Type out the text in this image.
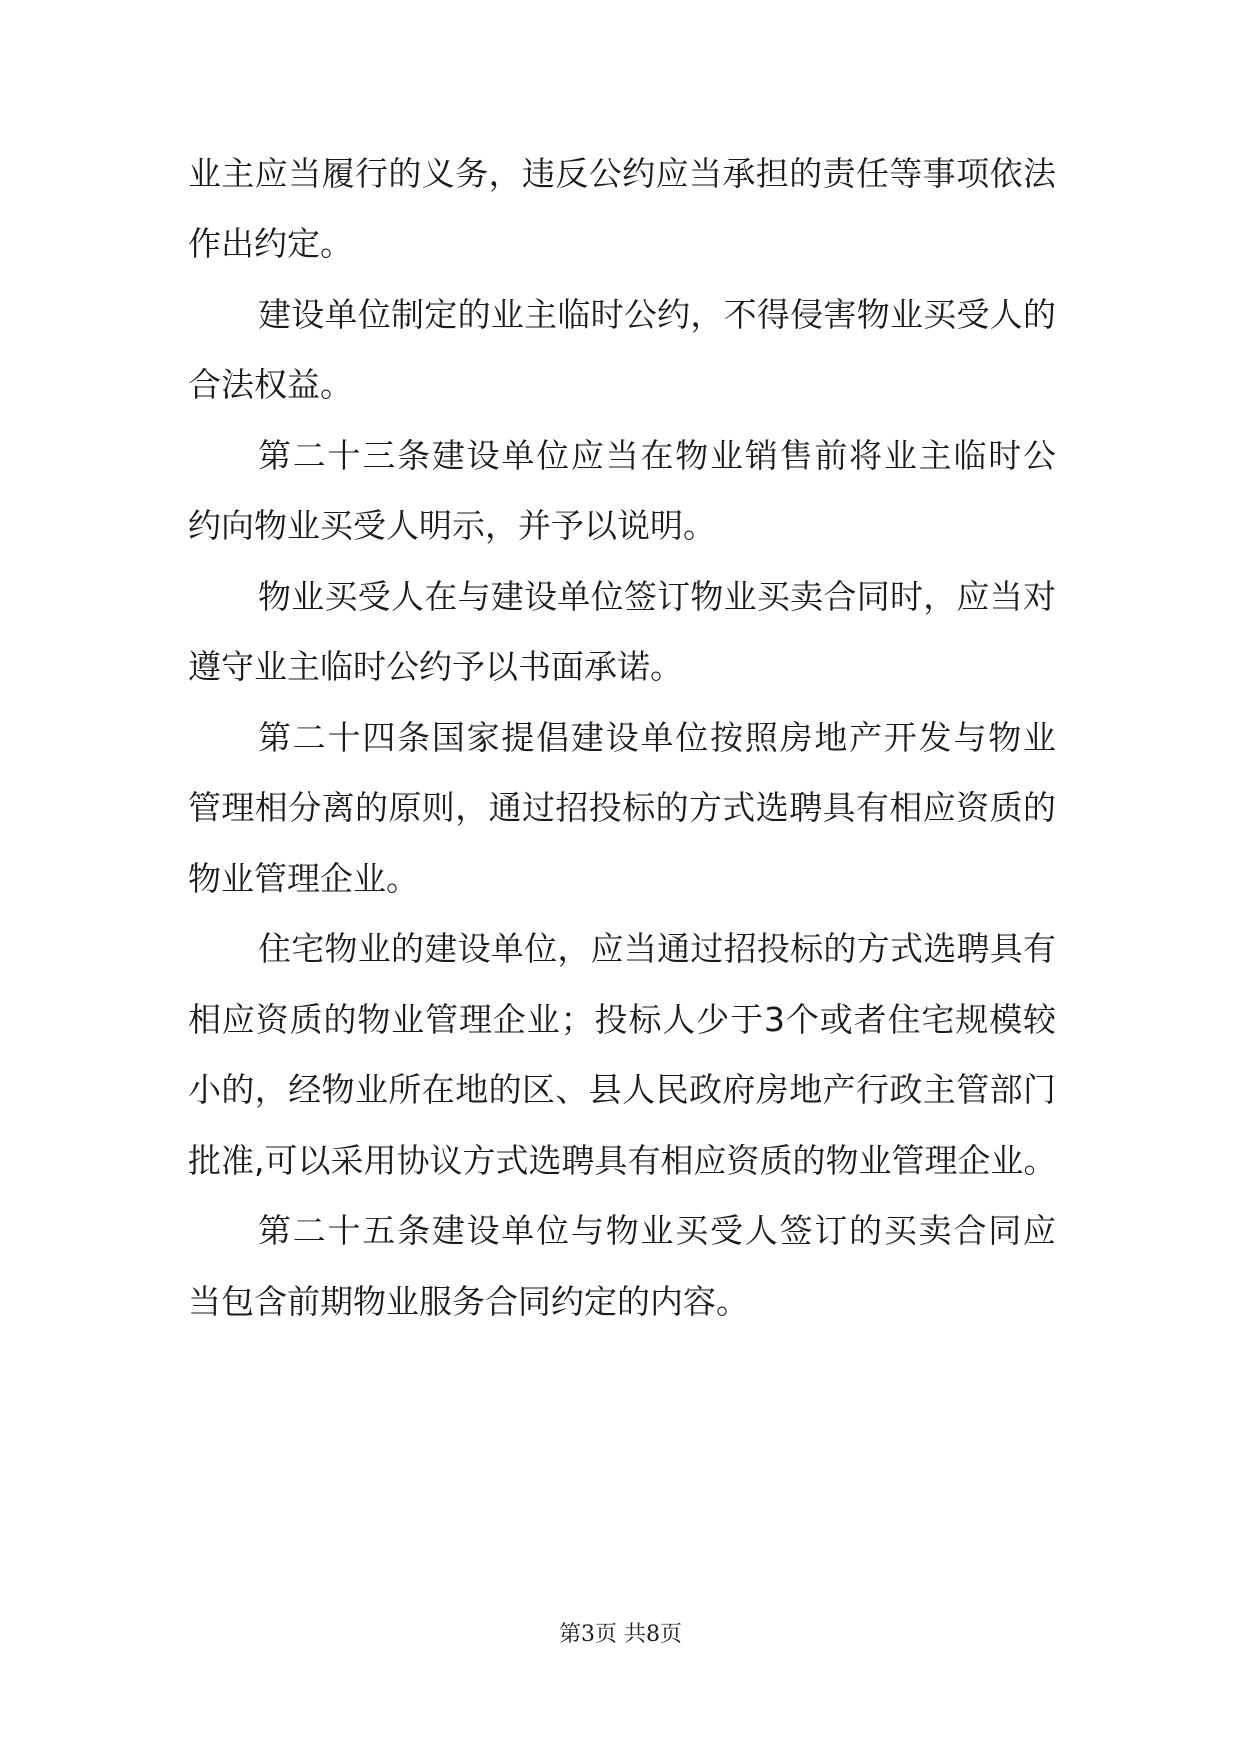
业主应当履行的义务，违反公约应当承担的责任等事项依法
作出约定。
建设单位制定的业主临时公约，不得侵害物业买受人的
合法权益。
第二十三条建设单位应当在物业销售前将业主临时公
约向物业买受人明示，并予以说明。
物业买受人在与建设单位签订物业买卖合同时，应当对
遵守业主临时公约予以书面承诺。
第二十四条国家提倡建设单位按照房地产开发与物业
管理相分离的原则，通过招投标的方式选聘具有相应资质的
物业管理企业。
住宅物业的建设单位，应当通过招投标的方式选聘具有
相应资质的物业管理企业；投标人少于3个或者住宅规模较
小的，经物业所在地的区、县人民政府房地产行政主管部门
批准,可以采用协议方式选聘具有相应资质的物业管理企业。
第二十五条建设单位与物业买受人签订的买卖合同应
当包含前期物业服务合同约定的内容。
第3页 共8页
